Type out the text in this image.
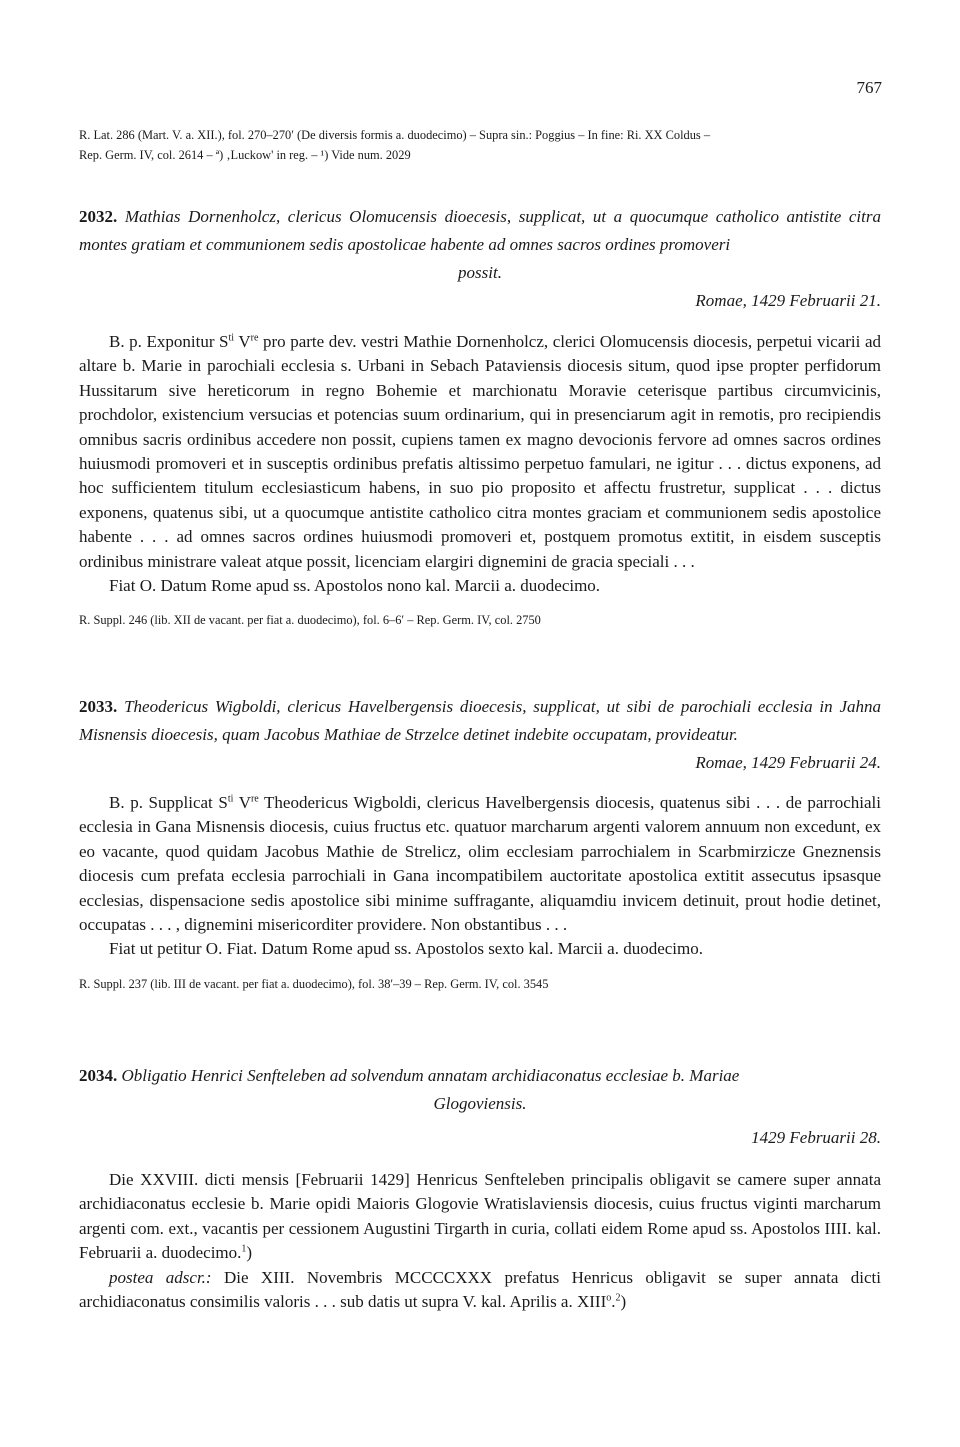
767
R. Lat. 286 (Mart. V. a. XII.), fol. 270–270′ (De diversis formis a. duodecimo) – Supra sin.: Poggius – In fine: Ri. XX Coldus –
Rep. Germ. IV, col. 2614 – ª) ‚Luckow' in reg. – ¹) Vide num. 2029
2032. Mathias Dornenholcz, clericus Olomucensis dioecesis, supplicat, ut a quocumque catholico antistite citra montes gratiam et communionem sedis apostolicae habente ad omnes sacros ordines promoveri
possit.
Romae, 1429 Februarii 21.

B. p. Exponitur $S^{ti}$ Vre pro parte dev. vestri Mathie Dornenholcz, clerici Olomucensis diocesis, perpetui vicarii ad altare b. Marie in parochiali ecclesia s. Urbani in Sebach Pataviensis diocesis situm, quod ipse propter perfidorum Hussitarum sive hereticorum in regno Bohemie et marchionatu Moravie ceterisque partibus circumvicinis, prochdolor, existencium versucias et potencias suum ordinarium, qui in presenciarum agit in remotis, pro recipiendis omnibus sacris ordinibus accedere non possit, cupiens tamen ex magno devocionis fervore ad omnes sacros ordines huiusmodi promoveri et in susceptis ordinibus prefatis altissimo perpetuo famulari, ne igitur . . . dictus exponens, ad hoc sufficientem titulum ecclesiasticum habens, in suo pio proposito et affectu frustretur, supplicat . . . dictus exponens, quatenus sibi, ut a quocumque antistite catholico citra montes graciam et communionem sedis apostolice habente . . . ad omnes sacros ordines huiusmodi promoveri et, postquem promotus extitit, in eisdem susceptis ordinibus ministrare valeat atque possit, licenciam elargiri dignemini de gracia speciali . . .

Fiat O. Datum Rome apud ss. Apostolos nono kal. Marcii a. duodecimo.

R. Suppl. 246 (lib. XII de vacant. per fiat a. duodecimo), fol. 6–6′ – Rep. Germ. IV, col. 2750
2033. Theodericus Wigboldi, clericus Havelbergensis dioecesis, supplicat, ut sibi de parochiali ecclesia in Jahna Misnensis dioecesis, quam Jacobus Mathiae de Strzelce detinet indebite occupatam, provideatur.
Romae, 1429 Februarii 24.

B. p. Supplicat $S^{ti}$ Vre Theodericus Wigboldi, clericus Havelbergensis diocesis, quatenus sibi . . . de parrochiali ecclesia in Gana Misnensis diocesis, cuius fructus etc. quatuor marcharum argenti valorem annuum non excedunt, ex eo vacante, quod quidam Jacobus Mathie de Strelicz, olim ecclesiam parrochialem in Scarbmirzicze Gneznensis diocesis cum prefata ecclesia parrochiali in Gana incompatibilem auctoritate apostolica extitit assecutus ipsasque ecclesias, dispensacione sedis apostolice sibi minime suffragante, aliquamdiu invicem detinuit, prout hodie detinet, occupatas . . . , dignemini misericorditer providere. Non obstantibus . . .

Fiat ut petitur O. Fiat. Datum Rome apud ss. Apostolos sexto kal. Marcii a. duodecimo.

R. Suppl. 237 (lib. III de vacant. per fiat a. duodecimo), fol. 38′–39 – Rep. Germ. IV, col. 3545
2034. Obligatio Henrici Senfteleben ad solvendum annatam archidiaconatus ecclesiae b. Mariae
Glogoviensis.
1429 Februarii 28.

Die XXVIII. dicti mensis [Februarii 1429] Henricus Senfteleben principalis obligavit se camere super annata archidiaconatus ecclesie b. Marie opidi Maioris Glogovie Wratislaviensis diocesis, cuius fructus viginti marcharum argenti com. ext., vacantis per cessionem Augustini Tirgarth in curia, collati eidem Rome apud ss. Apostolos IIII. kal. Februarii a. duodecimo.$^1$)

postea adscr.: Die XIII. Novembris MCCCCXXX prefatus Henricus obligavit se super annata dicti archidiaconatus consimilis valoris . . . sub datis ut supra V. kal. Aprilis a. XIII$^o$.$^2$)
